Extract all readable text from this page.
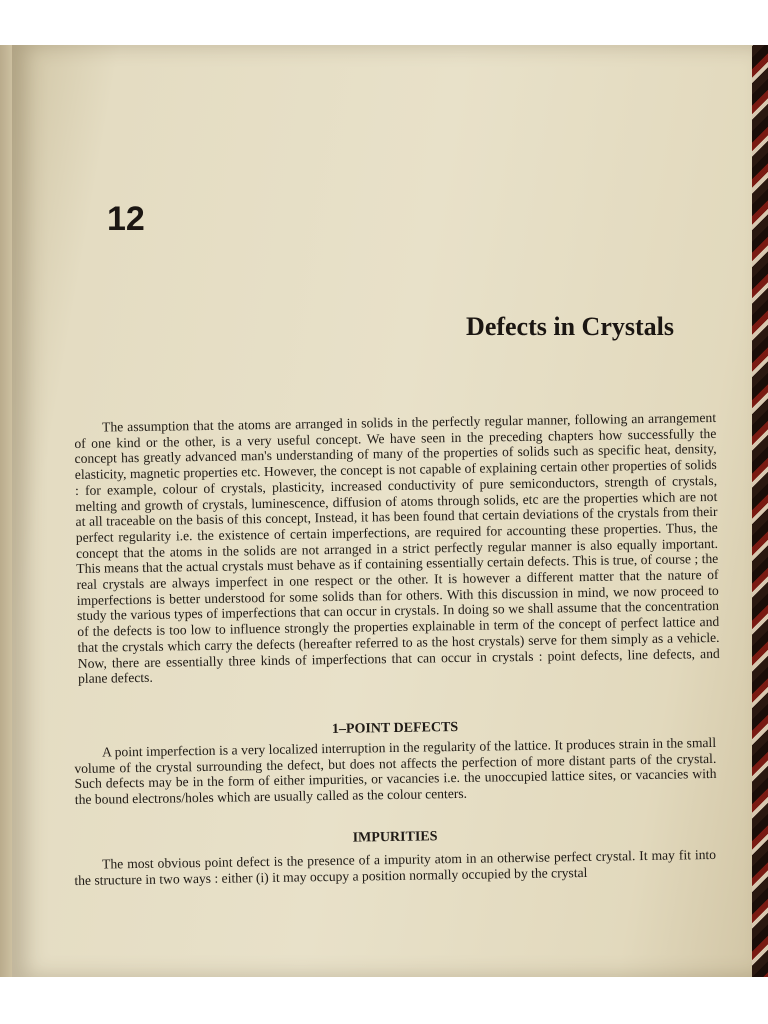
12
Defects in Crystals

The assumption that the atoms are arranged in solids in the perfectly regular manner, following an arrangement of one kind or the other, is a very useful concept. We have seen in the preceding chapters how successfully the concept has greatly advanced man's understanding of many of the properties of solids such as specific heat, density, elasticity, magnetic properties etc. However, the concept is not capable of explaining certain other properties of solids : for example, colour of crystals, plasticity, increased conductivity of pure semiconductors, strength of crystals, melting and growth of crystals, luminescence, diffusion of atoms through solids, etc are the properties which are not at all traceable on the basis of this concept, Instead, it has been found that certain deviations of the crystals from their perfect regularity i.e. the existence of certain imperfections, are required for accounting these properties. Thus, the concept that the atoms in the solids are not arranged in a strict perfectly regular manner is also equally important. This means that the actual crystals must behave as if containing essentially certain defects. This is true, of course ; the real crystals are always imperfect in one respect or the other. It is however a different matter that the nature of imperfections is better understood for some solids than for others. With this discussion in mind, we now proceed to study the various types of imperfections that can occur in crystals. In doing so we shall assume that the concentration of the defects is too low to influence strongly the properties explainable in term of the concept of perfect lattice and that the crystals which carry the defects (hereafter referred to as the host crystals) serve for them simply as a vehicle. Now, there are essentially three kinds of imperfections that can occur in crystals : point defects, line defects, and plane defects.

1–POINT DEFECTS

A point imperfection is a very localized interruption in the regularity of the lattice. It produces strain in the small volume of the crystal surrounding the defect, but does not affects the perfection of more distant parts of the crystal. Such defects may be in the form of either impurities, or vacancies i.e. the unoccupied lattice sites, or vacancies with the bound electrons/holes which are usually called as the colour centers.

IMPURITIES

The most obvious point defect is the presence of a impurity atom in an otherwise perfect crystal. It may fit into the structure in two ways : either (i) it may occupy a position normally occupied by the crystal
